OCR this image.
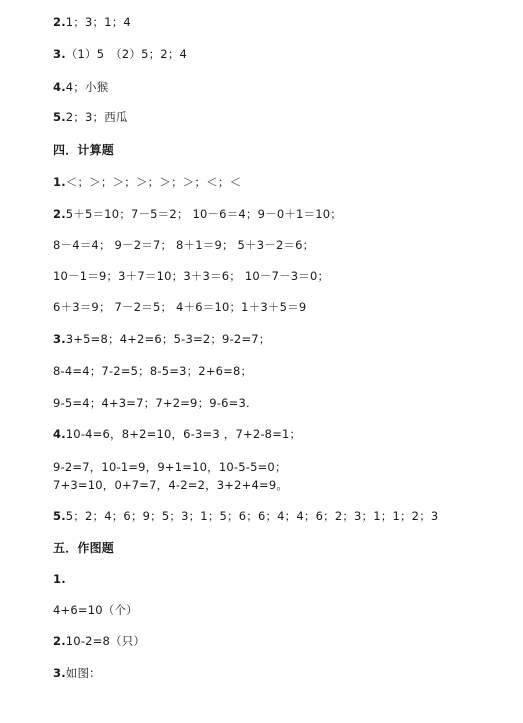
2.1；3；1；4
3.（1）5　（2）5；2；4
4.4；小猴
5.2；3；西瓜
四．计算题
1.＜；＞；＞；＞；＞；＞；＜；＜
2.5＋5＝10；7－5＝2； 10－6＝4；9－0＋1＝10；
8－4＝4； 9－2＝7； 8＋1＝9； 5＋3－2＝6；
10－1＝9；3＋7＝10；3＋3＝6； 10－7－3＝0；
6＋3＝9； 7－2＝5； 4＋6＝10；1＋3＋5＝9
3.3+5=8；4+2=6；5-3=2；9-2=7；
8-4=4；7-2=5；8-5=3；2+6=8；
9-5=4；4+3=7；7+2=9；9-6=3.
4.10-4=6，8+2=10，6-3=3 ，7+2-8=1；
9-2=7，10-1=9，9+1=10，10-5-5=0；
7+3=10，0+7=7，4-2=2，3+2+4=9。
5.5；2；4；6；9；5；3；1；5；6；6；4；4；6；2；3；1；1；2；3
五．作图题
1.
4+6=10（个）
2.10-2=8（只）
3.如图：
